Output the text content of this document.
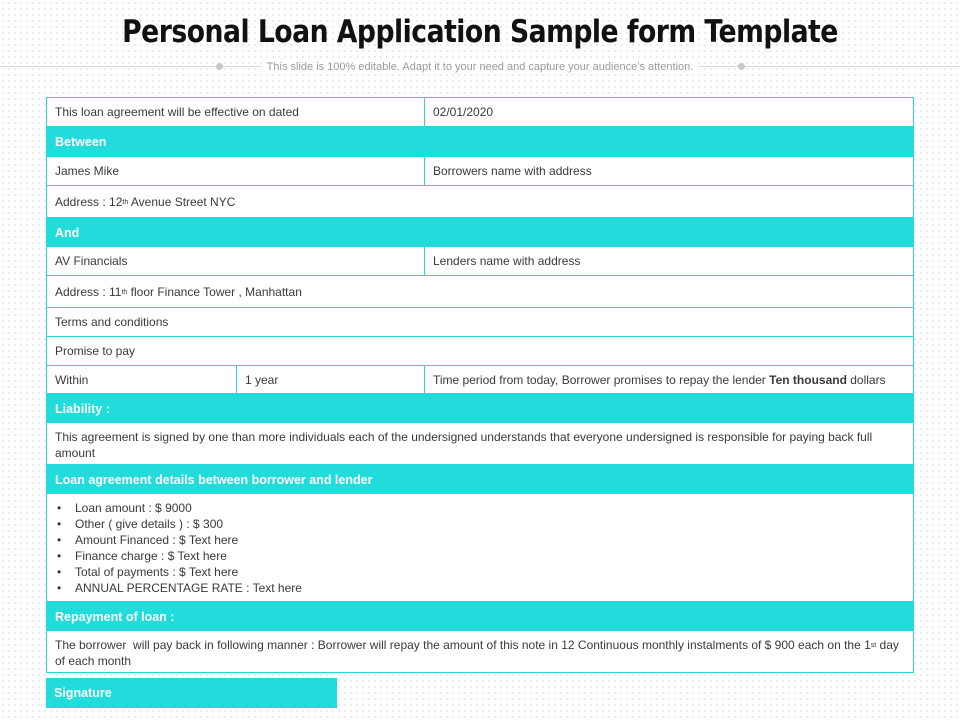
Personal Loan Application Sample form Template
This slide is 100% editable. Adapt it to your need and capture your audience’s attention.
This loan agreement will be effective on dated	02/01/2020
Between
James Mike	Borrowers name with address
Address : 12th Avenue Street NYC
And
AV Financials	Lenders name with address
Address : 11th floor Finance Tower , Manhattan
Terms and conditions
Promise to pay
Within	1 year	Time period from today, Borrower promises to repay the lender Ten thousand dollars
Liability :
This agreement is signed by one than more individuals each of the undersigned understands that everyone undersigned is responsible for paying back full amount
Loan agreement details between borrower and lender
• Loan amount : $ 9000
• Other ( give details ) : $ 300
• Amount Financed : $ Text here
• Finance charge : $ Text here
• Total of payments : $ Text here
• ANNUAL PERCENTAGE RATE : Text here
Repayment of loan :
The borrower  will pay back in following manner : Borrower will repay the amount of this note in 12 Continuous monthly instalments of $ 900 each on the 1st day of each month
Signature
